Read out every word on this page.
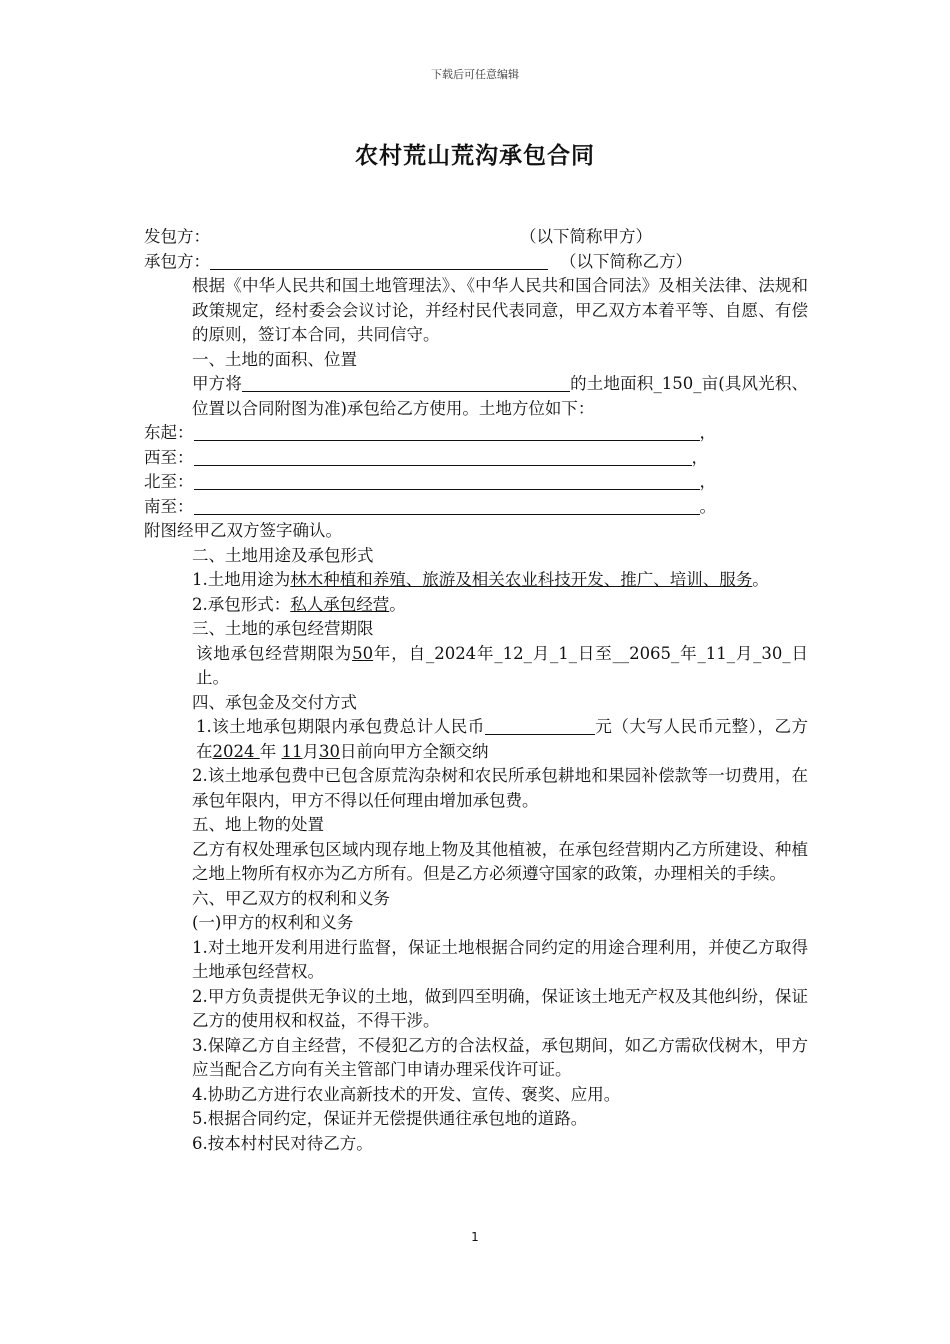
下载后可任意编辑
农村荒山荒沟承包合同
发包方：	（以下简称甲方）
承包方：	（以下简称乙方）

根据《中华人民共和国土地管理法》、《中华人民共和国合同法》及相关法律、法规和政策规定，经村委会会议讨论，并经村民代表同意，甲乙双方本着平等、自愿、有偿的原则，签订本合同，共同信守。

一、土地的面积、位置

甲方将	的土地面积_150_亩(具风光积、位置以合同附图为准)承包给乙方使用。土地方位如下：

东起：	，
西至：	，
北至：	，
南至：	。

附图经甲乙双方签字确认。

二、土地用途及承包形式

1.土地用途为林木种植和养殖、旅游及相关农业科技开发、推广、培训、服务。

2.承包形式：私人承包经营。

三、土地的承包经营期限

该地承包经营期限为50年，自_2024年_12_月_1_日至__2065_年_11_月_30_日止。

四、承包金及交付方式

1.该土地承包期限内承包费总计人民币	元（大写人民币元整），乙方在2024 年 11月30日前向甲方全额交纳

2.该土地承包费中已包含原荒沟杂树和农民所承包耕地和果园补偿款等一切费用，在承包年限内，甲方不得以任何理由增加承包费。

五、地上物的处置

乙方有权处理承包区域内现存地上物及其他植被，在承包经营期内乙方所建设、种植之地上物所有权亦为乙方所有。但是乙方必须遵守国家的政策，办理相关的手续。

六、甲乙双方的权利和义务

(一)甲方的权利和义务

1.对土地开发利用进行监督，保证土地根据合同约定的用途合理利用，并使乙方取得土地承包经营权。

2.甲方负责提供无争议的土地，做到四至明确，保证该土地无产权及其他纠纷，保证乙方的使用权和权益，不得干涉。

3.保障乙方自主经营，不侵犯乙方的合法权益，承包期间，如乙方需砍伐树木，甲方应当配合乙方向有关主管部门申请办理采伐许可证。

4.协助乙方进行农业高新技术的开发、宣传、褒奖、应用。

5.根据合同约定，保证并无偿提供通往承包地的道路。

6.按本村村民对待乙方。

1
